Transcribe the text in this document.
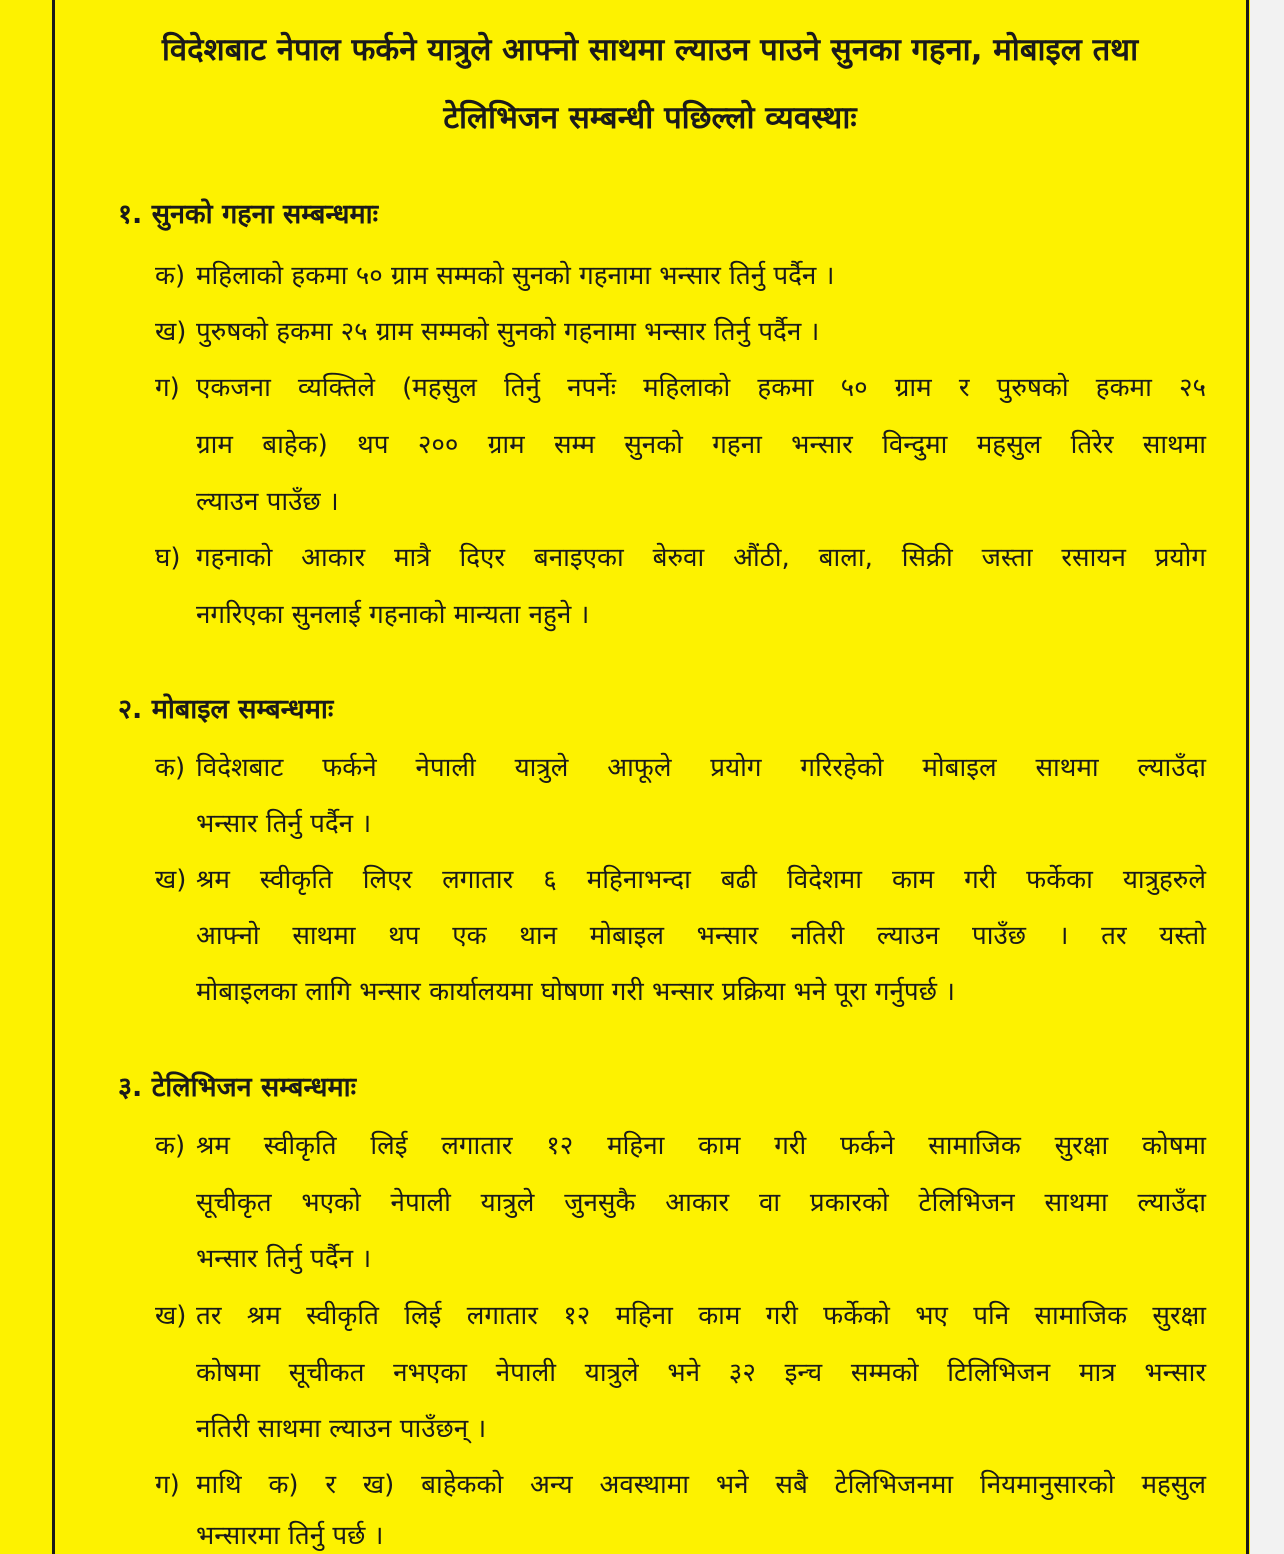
विदेशबाट नेपाल फर्कने यात्रुले आफ्नो साथमा ल्याउन पाउने सुनका गहना, मोबाइल तथा
टेलिभिजन सम्बन्धी पछिल्लो व्यवस्थाः
१. सुनको गहना सम्बन्धमाः
क) महिलाको हकमा ५० ग्राम सम्मको सुनको गहनामा भन्सार तिर्नु पर्दैन ।
ख) पुरुषको हकमा २५ ग्राम सम्मको सुनको गहनामा भन्सार तिर्नु पर्दैन ।
ग) एकजना व्यक्तिले (महसुल तिर्नु नपर्नेः महिलाको हकमा ५० ग्राम र पुरुषको हकमा २५
ग्राम बाहेक) थप २०० ग्राम सम्म सुनको गहना भन्सार विन्दुमा महसुल तिरेर साथमा
ल्याउन पाउँछ ।
घ) गहनाको आकार मात्रै दिएर बनाइएका बेरुवा औंठी, बाला, सिक्री जस्ता रसायन प्रयोग
नगरिएका सुनलाई गहनाको मान्यता नहुने ।
२. मोबाइल सम्बन्धमाः
क) विदेशबाट फर्कने नेपाली यात्रुले आफूले प्रयोग गरिरहेको मोबाइल साथमा ल्याउँदा
भन्सार तिर्नु पर्दैन ।
ख) श्रम स्वीकृति लिएर लगातार ६ महिनाभन्दा बढी विदेशमा काम गरी फर्केका यात्रुहरुले
आफ्नो साथमा थप एक थान मोबाइल भन्सार नतिरी ल्याउन पाउँछ । तर यस्तो
मोबाइलका लागि भन्सार कार्यालयमा घोषणा गरी भन्सार प्रक्रिया भने पूरा गर्नुपर्छ ।
३. टेलिभिजन सम्बन्धमाः
क) श्रम स्वीकृति लिई लगातार १२ महिना काम गरी फर्कने सामाजिक सुरक्षा कोषमा
सूचीकृत भएको नेपाली यात्रुले जुनसुकै आकार वा प्रकारको टेलिभिजन साथमा ल्याउँदा
भन्सार तिर्नु पर्दैन ।
ख) तर श्रम स्वीकृति लिई लगातार १२ महिना काम गरी फर्केको भए पनि सामाजिक सुरक्षा
कोषमा सूचीकत नभएका नेपाली यात्रुले भने ३२ इन्च सम्मको टिलिभिजन मात्र भन्सार
नतिरी साथमा ल्याउन पाउँछन् ।
ग) माथि क) र ख) बाहेकको अन्य अवस्थामा भने सबै टेलिभिजनमा नियमानुसारको महसुल
भन्सारमा तिर्नु पर्छ ।
